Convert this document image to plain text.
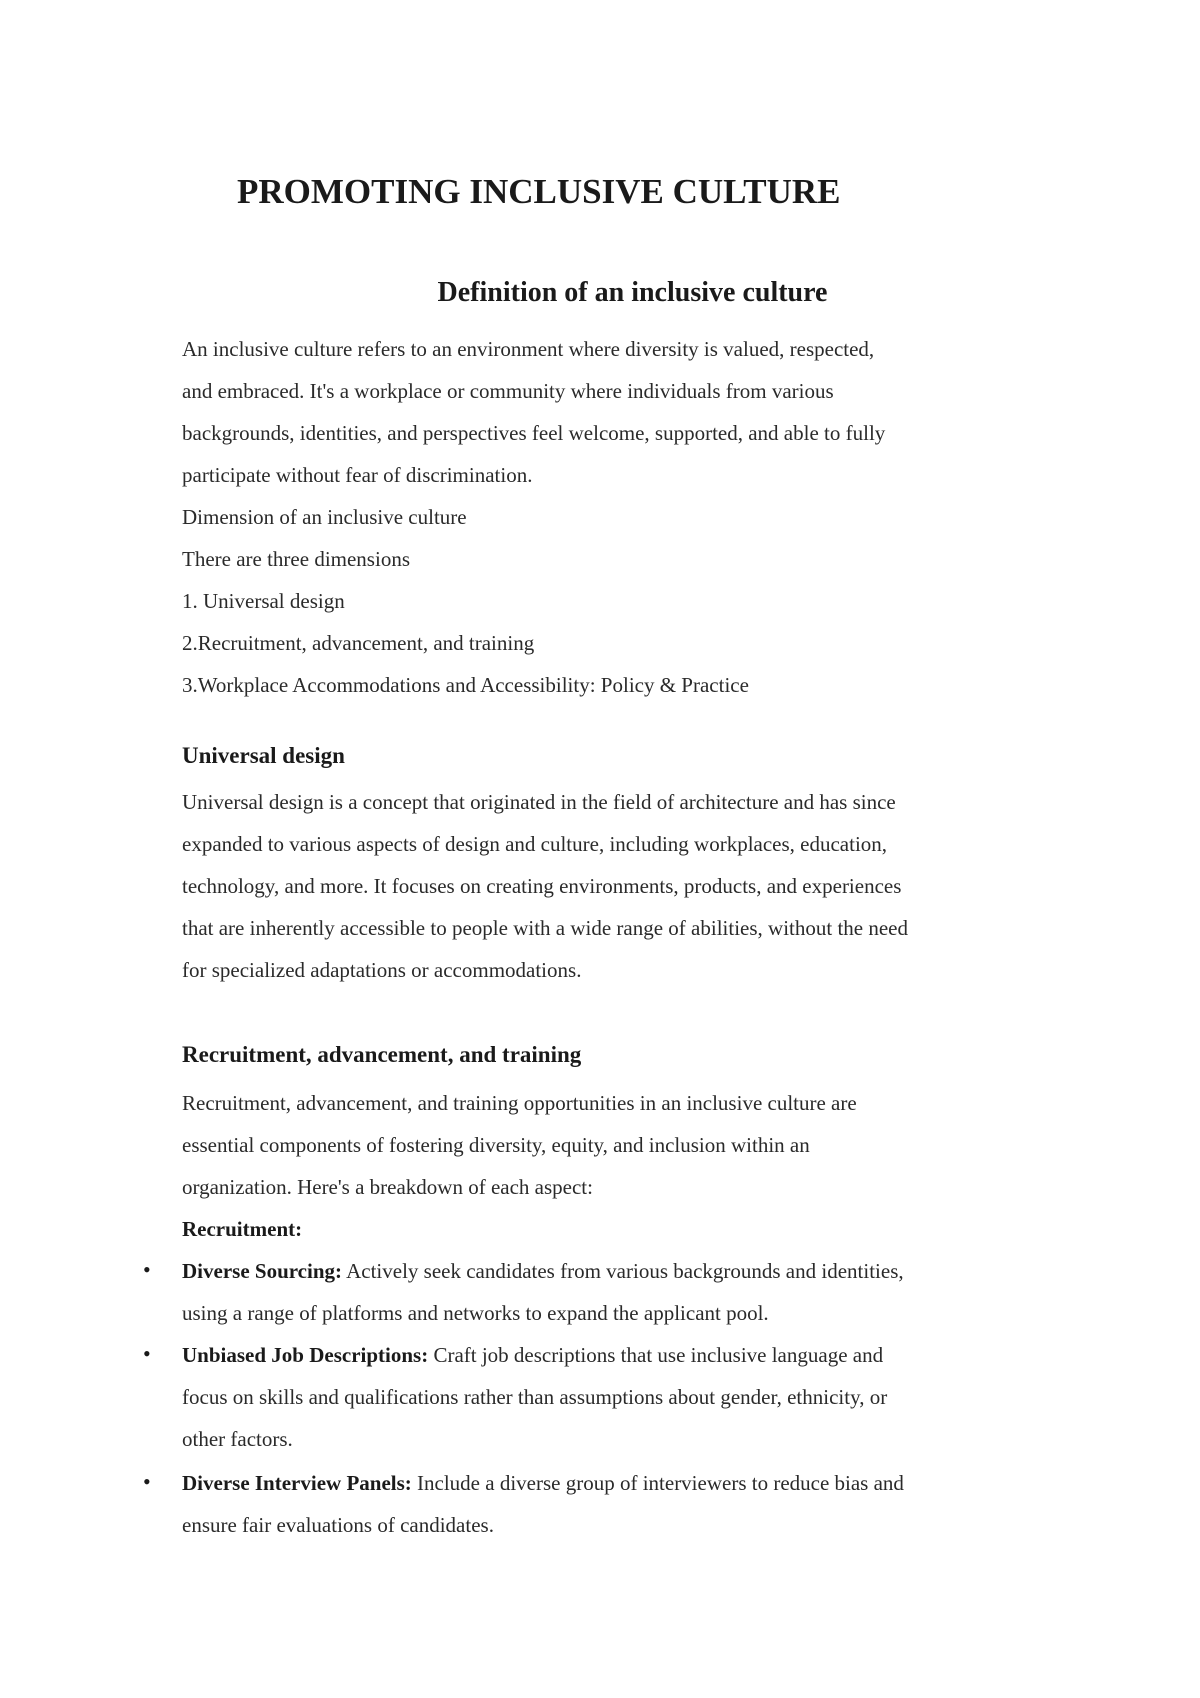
PROMOTING INCLUSIVE CULTURE
Definition of an inclusive culture

An inclusive culture refers to an environment where diversity is valued, respected,

and embraced. It's a workplace or community where individuals from various

backgrounds, identities, and perspectives feel welcome, supported, and able to fully

participate without fear of discrimination.

Dimension of an inclusive culture

There are three dimensions

1. Universal design

2.Recruitment, advancement, and training

3.Workplace Accommodations and Accessibility: Policy & Practice

Universal design

Universal design is a concept that originated in the field of architecture and has since

expanded to various aspects of design and culture, including workplaces, education,

technology, and more. It focuses on creating environments, products, and experiences

that are inherently accessible to people with a wide range of abilities, without the need

for specialized adaptations or accommodations.

Recruitment, advancement, and training

Recruitment, advancement, and training opportunities in an inclusive culture are

essential components of fostering diversity, equity, and inclusion within an

organization. Here's a breakdown of each aspect:

Recruitment:

• Diverse Sourcing: Actively seek candidates from various backgrounds and identities,

using a range of platforms and networks to expand the applicant pool.

• Unbiased Job Descriptions: Craft job descriptions that use inclusive language and

focus on skills and qualifications rather than assumptions about gender, ethnicity, or

other factors.

• Diverse Interview Panels: Include a diverse group of interviewers to reduce bias and

ensure fair evaluations of candidates.
